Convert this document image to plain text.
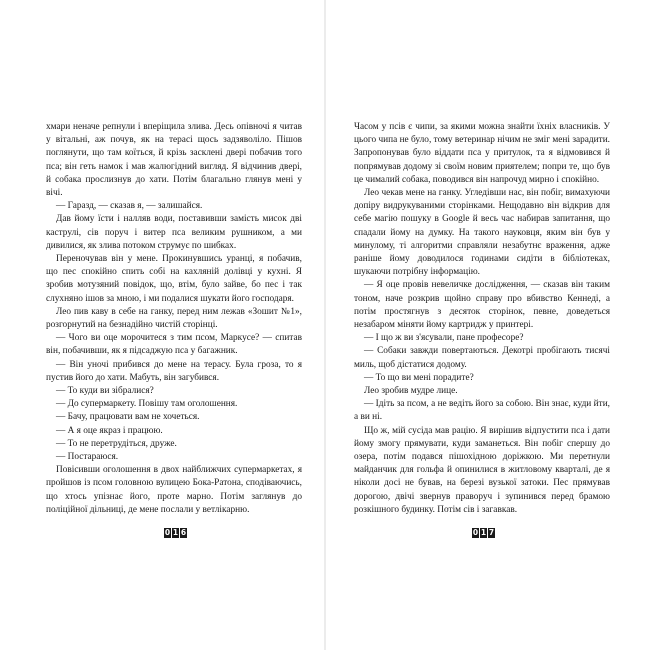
хмари неначе репнули і вперіщила злива. Десь опівночі я читав у вітальні, аж почув, як на терасі щось задзяволіло. Пішов поглянути, що там коїться, й крізь засклені двері побачив того пса; він геть намок і мав жалюгідний вигляд. Я відчинив двері, й собака прослизнув до хати. Потім благально глянув мені у вічі.

— Гаразд, — сказав я, — залишайся.

Дав йому їсти і налляв води, поставивши замість мисок дві каструлі, сів поруч і витер пса великим рушником, а ми дивилися, як злива потоком струмує по шибках.

Переночував він у мене. Прокинувшись уранці, я побачив, що пес спокійно спить собі на кахляній долівці у кухні. Я зробив мотузяний повідок, що, втім, було зайве, бо пес і так слухняно ішов за мною, і ми подалися шукати його господаря.

Лео пив каву в себе на ганку, перед ним лежав «Зошит №1», розгорнутий на безнадійно чистій сторінці.

— Чого ви оце морочитеся з тим псом, Маркусе? — спитав він, побачивши, як я підсаджую пса у багажник.

— Він уночі прибився до мене на терасу. Була гроза, то я пустив його до хати. Мабуть, він загубився.

— То куди ви зібралися?

— До супермаркету. Повішу там оголошення.

— Бачу, працювати вам не хочеться.

— А я оце якраз і працюю.

— То не перетрудіться, друже.

— Постараюся.

Повісивши оголошення в двох найближчих супермаркетах, я пройшов із псом головною вулицею Бока-Ратона, сподіваючись, що хтось упізнає його, проте марно. Потім заглянув до поліційної дільниці, де мене послали у ветлікарню.

0 1 6

Часом у псів є чипи, за якими можна знайти їхніх власників. У цього чипа не було, тому ветеринар нічим не зміг мені зарадити. Запропонував було віддати пса у притулок, та я відмовився й попрямував додому зі своїм новим приятелем; попри те, що був це чималий собака, поводився він напрочуд мирно і спокійно.

Лео чекав мене на ганку. Угледівши нас, він побіг, вимахуючи допіру видрукуваними сторінками. Нещодавно він відкрив для себе магію пошуку в Google й весь час набирав запитання, що спадали йому на думку. На такого науковця, яким він був у минулому, ті алгоритми справляли незабутнє враження, адже раніше йому доводилося годинами сидіти в бібліотеках, шукаючи потрібну інформацію.

— Я оце провів невеличке дослідження, — сказав він таким тоном, наче розкрив щойно справу про вбивство Кеннеді, а потім простягнув з десяток сторінок, певне, доведеться незабаром міняти йому картридж у принтері.

— І що ж ви з'ясували, пане професоре?

— Собаки завжди повертаються. Декотрі пробігають тисячі миль, щоб дістатися додому.

— То що ви мені порадите?

Лео зробив мудре лице.

— Ідіть за псом, а не ведіть його за собою. Він знає, куди йти, а ви ні.

Що ж, мій сусіда мав рацію. Я вирішив відпустити пса і дати йому змогу прямувати, куди заманеться. Він побіг спершу до озера, потім подався пішохідною доріжкою. Ми перетнули майданчик для гольфа й опинилися в житловому кварталі, де я ніколи досі не бував, на березі вузької затоки. Пес прямував дорогою, двічі звернув праворуч і зупинився перед брамою розкішного будинку. Потім сів і загавкав.

0 1 7
